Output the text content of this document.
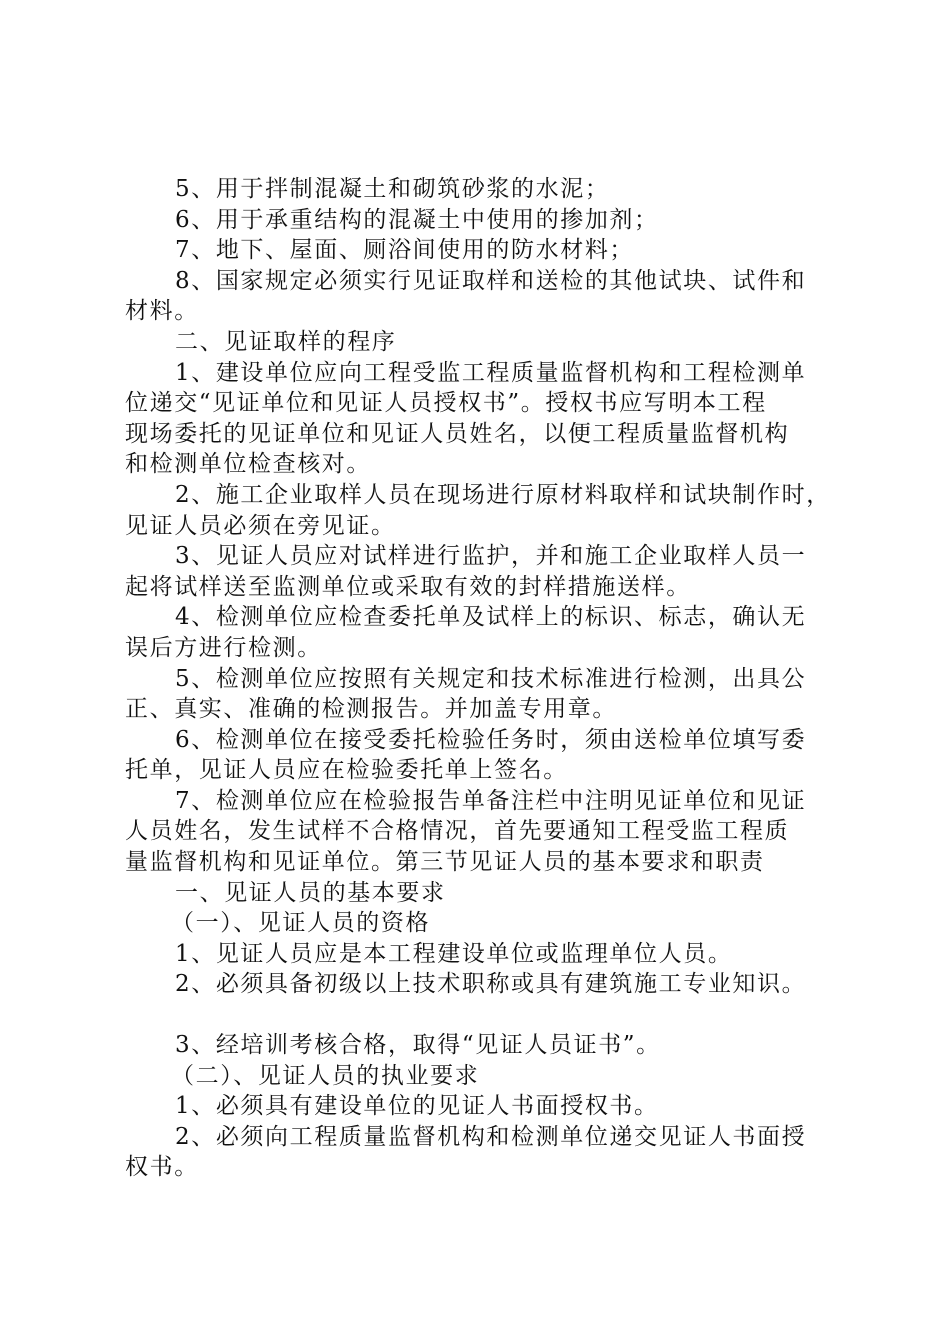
5、用于拌制混凝土和砌筑砂浆的水泥；

6、用于承重结构的混凝土中使用的掺加剂；

7、地下、屋面、厕浴间使用的防水材料；

8、国家规定必须实行见证取样和送检的其他试块、试件和
材料。

二、见证取样的程序

1、建设单位应向工程受监工程质量监督机构和工程检测单
位递交“见证单位和见证人员授权书”。授权书应写明本工程
现场委托的见证单位和见证人员姓名，以便工程质量监督机构
和检测单位检查核对。

2、施工企业取样人员在现场进行原材料取样和试块制作时，
见证人员必须在旁见证。

3、见证人员应对试样进行监护，并和施工企业取样人员一
起将试样送至监测单位或采取有效的封样措施送样。

4、检测单位应检查委托单及试样上的标识、标志，确认无
误后方进行检测。

5、检测单位应按照有关规定和技术标准进行检测，出具公
正、真实、准确的检测报告。并加盖专用章。

6、检测单位在接受委托检验任务时，须由送检单位填写委
托单，见证人员应在检验委托单上签名。

7、检测单位应在检验报告单备注栏中注明见证单位和见证
人员姓名，发生试样不合格情况，首先要通知工程受监工程质
量监督机构和见证单位。第三节见证人员的基本要求和职责

一、见证人员的基本要求

（一）、见证人员的资格

1、见证人员应是本工程建设单位或监理单位人员。

2、必须具备初级以上技术职称或具有建筑施工专业知识。

3、经培训考核合格，取得“见证人员证书”。

（二）、见证人员的执业要求

1、必须具有建设单位的见证人书面授权书。

2、必须向工程质量监督机构和检测单位递交见证人书面授
权书。
